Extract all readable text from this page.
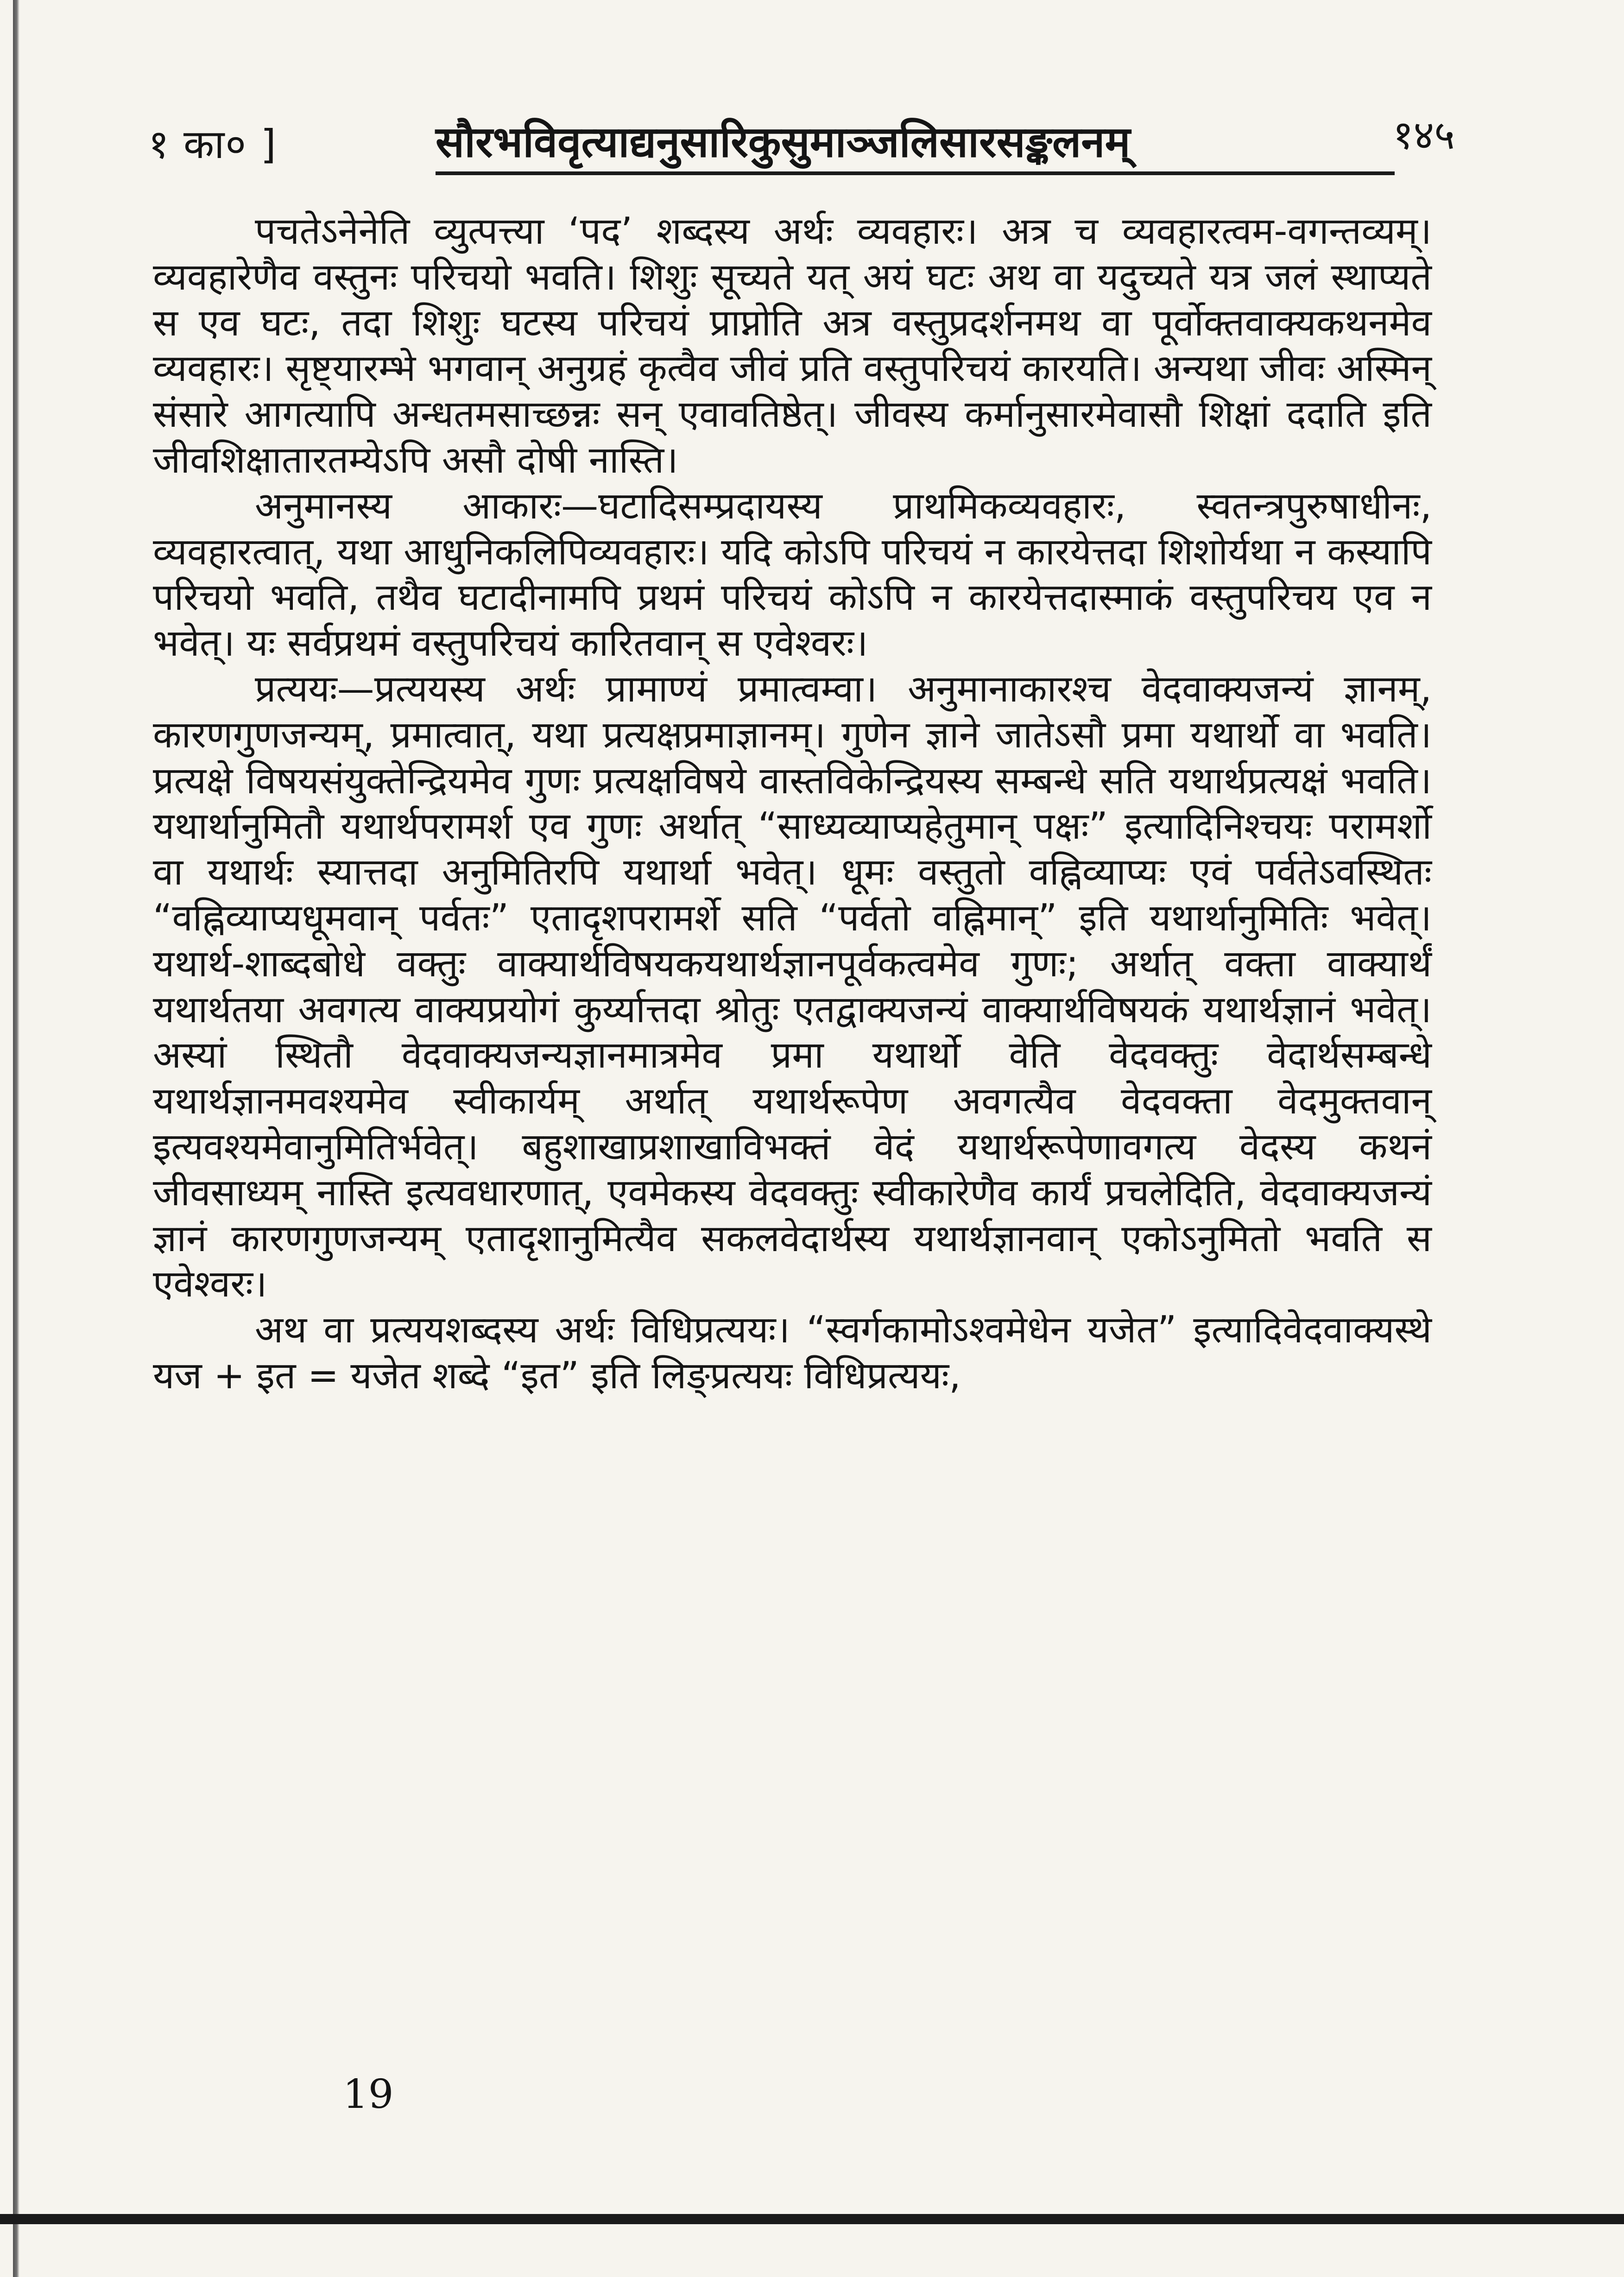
१ का० ]	सौरभविवृत्याद्यनुसारिकुसुमाञ्जलिसारसङ्कलनम्	१४५

पचतेऽनेनेति व्युत्पत्त्या ‘पद’ शब्दस्य अर्थः व्यवहारः। अत्र च व्यवहारत्वम-वगन्तव्यम्। व्यवहारेणैव वस्तुनः परिचयो भवति। शिशुः सूच्यते यत् अयं घटः अथ वा यदुच्यते यत्र जलं स्थाप्यते स एव घटः, तदा शिशुः घटस्य परिचयं प्राप्नोति अत्र वस्तुप्रदर्शनमथ वा पूर्वोक्तवाक्यकथनमेव व्यवहारः। सृष्ट्यारम्भे भगवान् अनुग्रहं कृत्वैव जीवं प्रति वस्तुपरिचयं कारयति। अन्यथा जीवः अस्मिन् संसारे आगत्यापि अन्धतमसाच्छन्नः सन् एवावतिष्ठेत्। जीवस्य कर्मानुसारमेवासौ शिक्षां ददाति इति जीवशिक्षातारतम्येऽपि असौ दोषी नास्ति।

अनुमानस्य आकारः—घटादिसम्प्रदायस्य प्राथमिकव्यवहारः, स्वतन्त्रपुरुषाधीनः, व्यवहारत्वात्, यथा आधुनिकलिपिव्यवहारः। यदि कोऽपि परिचयं न कारयेत्तदा शिशोर्यथा न कस्यापि परिचयो भवति, तथैव घटादीनामपि प्रथमं परिचयं कोऽपि न कारयेत्तदास्माकं वस्तुपरिचय एव न भवेत्। यः सर्वप्रथमं वस्तुपरिचयं कारितवान् स एवेश्वरः।

प्रत्ययः—प्रत्ययस्य अर्थः प्रामाण्यं प्रमात्वम्वा। अनुमानाकारश्च वेदवाक्यजन्यं ज्ञानम्, कारणगुणजन्यम्, प्रमात्वात्, यथा प्रत्यक्षप्रमाज्ञानम्। गुणेन ज्ञाने जातेऽसौ प्रमा यथार्थो वा भवति। प्रत्यक्षे विषयसंयुक्तेन्द्रियमेव गुणः प्रत्यक्षविषये वास्तविकेन्द्रियस्य सम्बन्धे सति यथार्थप्रत्यक्षं भवति। यथार्थानुमितौ यथार्थपरामर्श एव गुणः अर्थात् “साध्यव्याप्यहेतुमान् पक्षः” इत्यादिनिश्चयः परामर्शो वा यथार्थः स्यात्तदा अनुमितिरपि यथार्था भवेत्। धूमः वस्तुतो वह्निव्याप्यः एवं पर्वतेऽवस्थितः “वह्निव्याप्यधूमवान् पर्वतः” एतादृशपरामर्शे सति “पर्वतो वह्निमान्” इति यथार्थानुमितिः भवेत्। यथार्थ-शाब्दबोधे वक्तुः वाक्यार्थविषयकयथार्थज्ञानपूर्वकत्वमेव गुणः; अर्थात् वक्ता वाक्यार्थं यथार्थतया अवगत्य वाक्यप्रयोगं कुर्य्यात्तदा श्रोतुः एतद्वाक्यजन्यं वाक्यार्थविषयकं यथार्थज्ञानं भवेत्। अस्यां स्थितौ वेदवाक्यजन्यज्ञानमात्रमेव प्रमा यथार्थो वेति वेदवक्तुः वेदार्थसम्बन्धे यथार्थज्ञानमवश्यमेव स्वीकार्यम् अर्थात् यथार्थरूपेण अवगत्यैव वेदवक्ता वेदमुक्तवान् इत्यवश्यमेवानुमितिर्भवेत्। बहुशाखाप्रशाखाविभक्तं वेदं यथार्थरूपेणावगत्य वेदस्य कथनं जीवसाध्यम् नास्ति इत्यवधारणात्, एवमेकस्य वेदवक्तुः स्वीकारेणैव कार्यं प्रचलेदिति, वेदवाक्यजन्यं ज्ञानं कारणगुणजन्यम् एतादृशानुमित्यैव सकलवेदार्थस्य यथार्थज्ञानवान् एकोऽनुमितो भवति स एवेश्वरः।

अथ वा प्रत्ययशब्दस्य अर्थः विधिप्रत्ययः। “स्वर्गकामोऽश्वमेधेन यजेत” इत्यादिवेदवाक्यस्थे यज + इत = यजेत शब्दे “इत” इति लिङ्प्रत्ययः विधिप्रत्ययः,

19
